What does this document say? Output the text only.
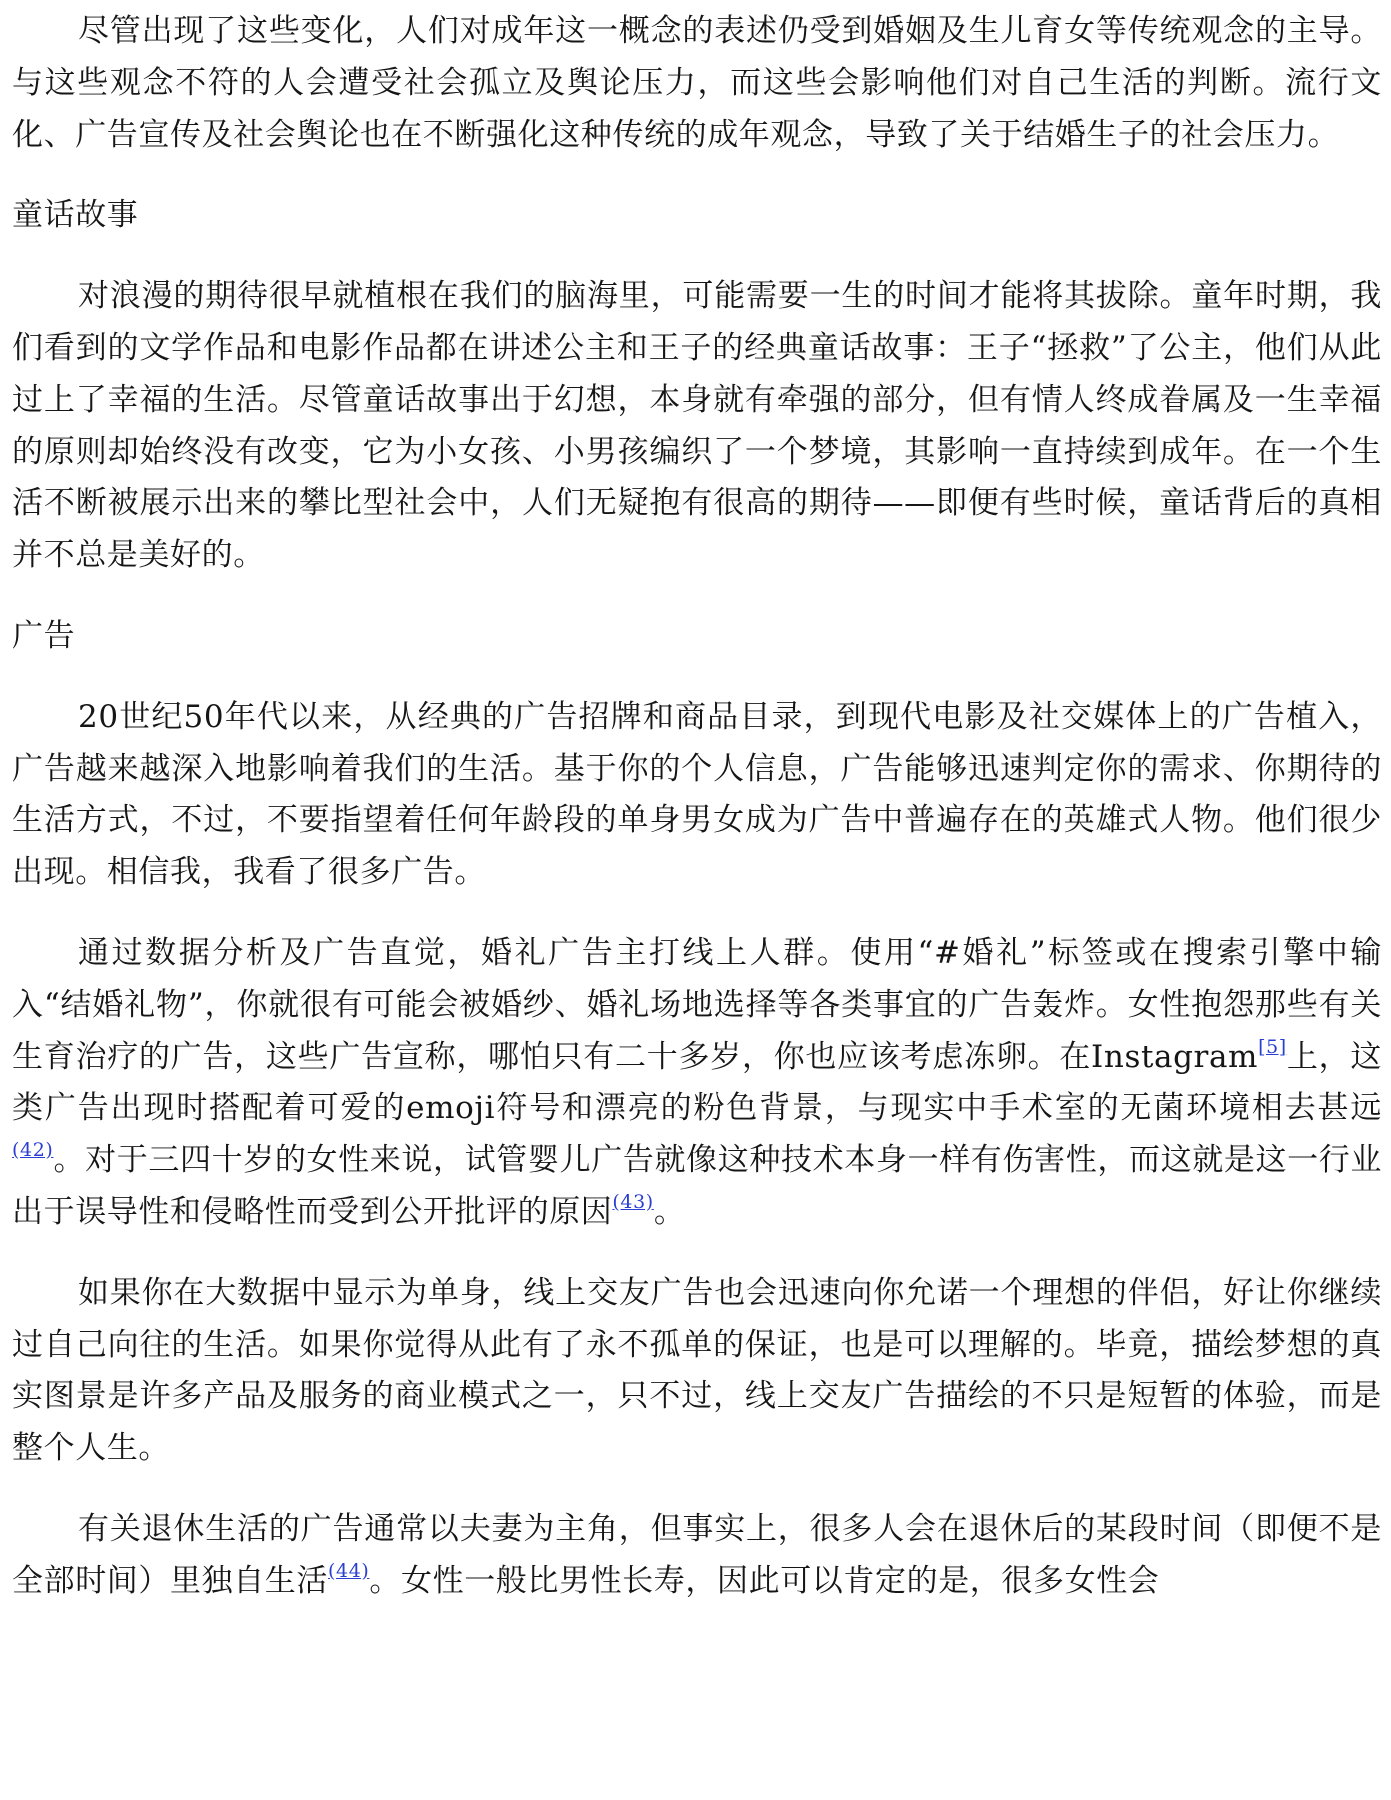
尽管出现了这些变化，人们对成年这一概念的表述仍受到婚姻及生儿育女等传统观念的主导。与这些观念不符的人会遭受社会孤立及舆论压力，而这些会影响他们对自己生活的判断。流行文化、广告宣传及社会舆论也在不断强化这种传统的成年观念，导致了关于结婚生子的社会压力。

童话故事

对浪漫的期待很早就植根在我们的脑海里，可能需要一生的时间才能将其拔除。童年时期，我们看到的文学作品和电影作品都在讲述公主和王子的经典童话故事：王子“拯救”了公主，他们从此过上了幸福的生活。尽管童话故事出于幻想，本身就有牵强的部分，但有情人终成眷属及一生幸福的原则却始终没有改变，它为小女孩、小男孩编织了一个梦境，其影响一直持续到成年。在一个生活不断被展示出来的攀比型社会中，人们无疑抱有很高的期待——即便有些时候，童话背后的真相并不总是美好的。

广告

20世纪50年代以来，从经典的广告招牌和商品目录，到现代电影及社交媒体上的广告植入，广告越来越深入地影响着我们的生活。基于你的个人信息，广告能够迅速判定你的需求、你期待的生活方式，不过，不要指望着任何年龄段的单身男女成为广告中普遍存在的英雄式人物。他们很少出现。相信我，我看了很多广告。

通过数据分析及广告直觉，婚礼广告主打线上人群。使用“#婚礼”标签或在搜索引擎中输入“结婚礼物”，你就很有可能会被婚纱、婚礼场地选择等各类事宜的广告轰炸。女性抱怨那些有关生育治疗的广告，这些广告宣称，哪怕只有二十多岁，你也应该考虑冻卵。在Instagram[5]上，这类广告出现时搭配着可爱的emoji符号和漂亮的粉色背景，与现实中手术室的无菌环境相去甚远$^{(42)}$。对于三四十岁的女性来说，试管婴儿广告就像这种技术本身一样有伤害性，而这就是这一行业出于误导性和侵略性而受到公开批评的原因$^{(43)}$。

如果你在大数据中显示为单身，线上交友广告也会迅速向你允诺一个理想的伴侣，好让你继续过自己向往的生活。如果你觉得从此有了永不孤单的保证，也是可以理解的。毕竟，描绘梦想的真实图景是许多产品及服务的商业模式之一，只不过，线上交友广告描绘的不只是短暂的体验，而是整个人生。

有关退休生活的广告通常以夫妻为主角，但事实上，很多人会在退休后的某段时间（即便不是全部时间）里独自生活$^{(44)}$。女性一般比男性长寿，因此可以肯定的是，很多女性会
